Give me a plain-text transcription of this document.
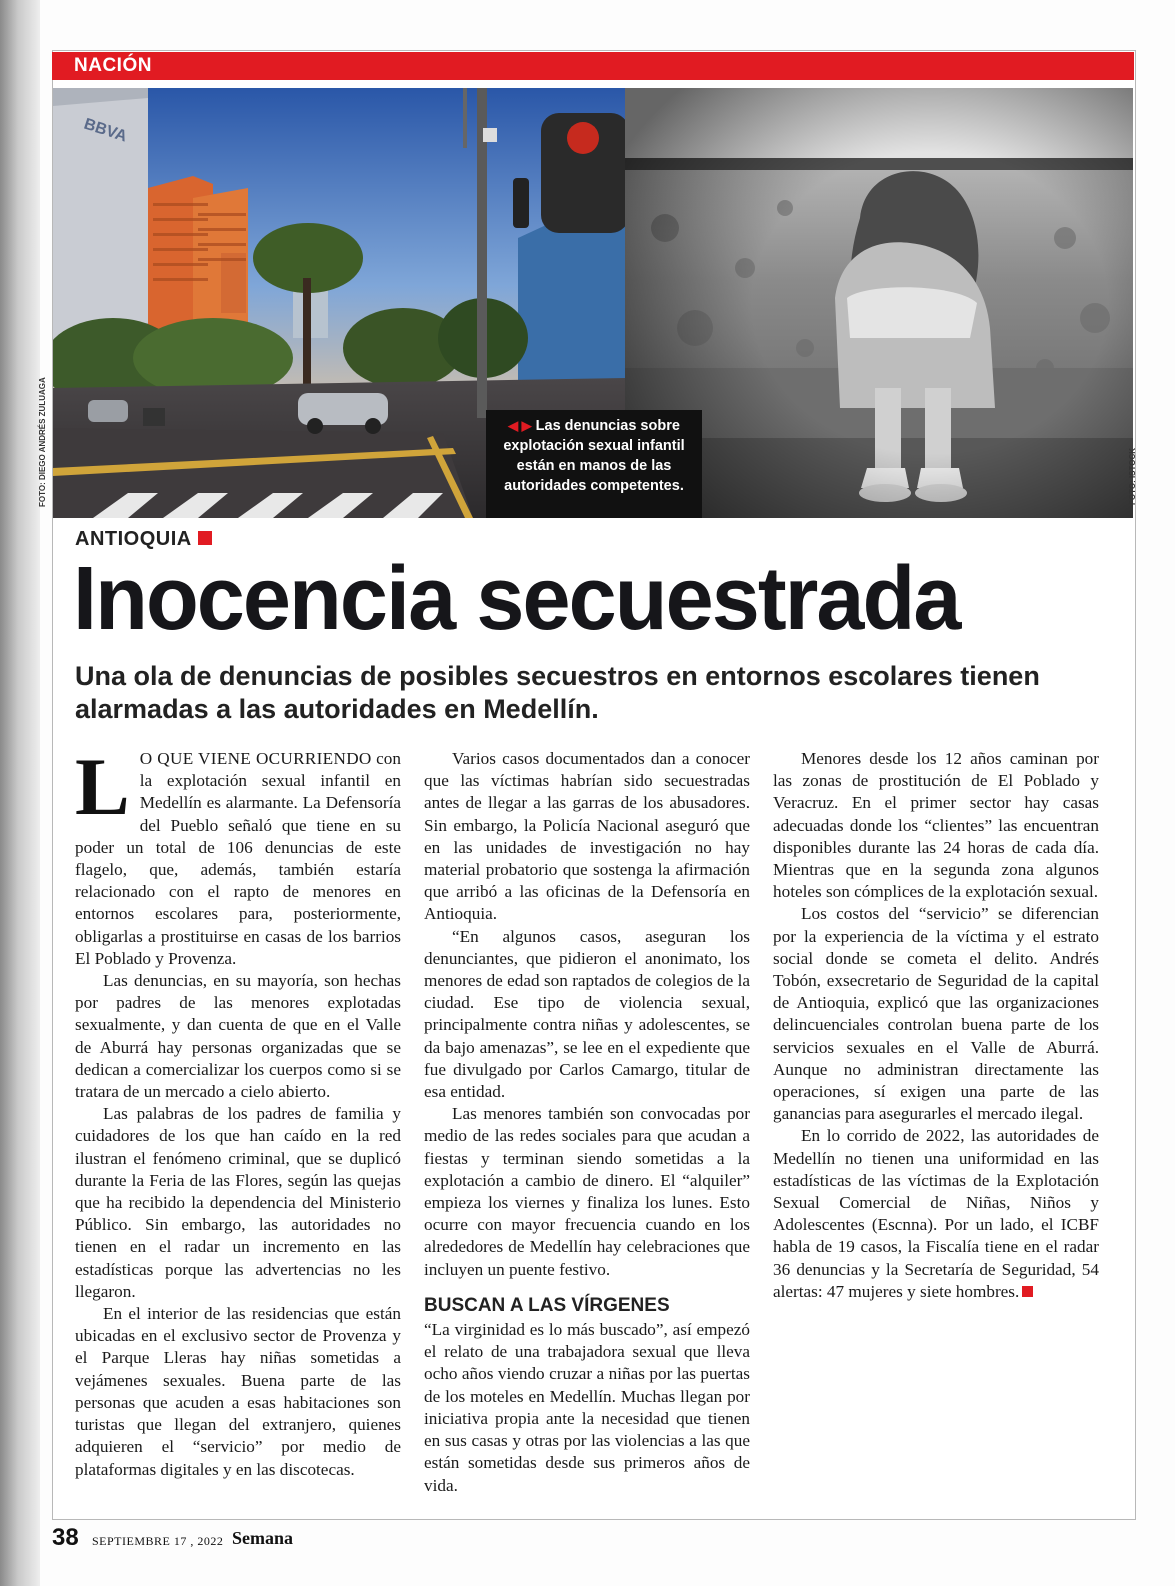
NACIÓN
BBVA
◀ ▶ Las denuncias sobre explotación sexual infantil están en manos de las autoridades competentes.
FOTO: DIEGO ANDRÉS ZULUAGA	FOTO: ISTOCK
ANTIOQUIA
Inocencia secuestrada
Una ola de denuncias de posibles secuestros en entornos escolares tienen alarmadas a las autoridades en Medellín.

L O QUE VIENE OCURRIENDO con la explotación sexual infantil en Medellín es alarmante. La Defensoría del Pueblo señaló que tiene en su poder un total de 106 denuncias de este flagelo, que, además, también estaría relacionado con el rapto de menores en entornos escolares para, posteriormente, obligarlas a prostituirse en casas de los barrios El Poblado y Provenza.

Las denuncias, en su mayoría, son hechas por padres de las menores explotadas sexualmente, y dan cuenta de que en el Valle de Aburrá hay personas organizadas que se dedican a comercializar los cuerpos como si se tratara de un mercado a cielo abierto.

Las palabras de los padres de familia y cuidadores de los que han caído en la red ilustran el fenómeno criminal, que se duplicó durante la Feria de las Flores, según las quejas que ha recibido la dependencia del Ministerio Público. Sin embargo, las autoridades no tienen en el radar un incremento en las estadísticas porque las advertencias no les llegaron.

En el interior de las residencias que están ubicadas en el exclusivo sector de Provenza y el Parque Lleras hay niñas sometidas a vejámenes sexuales. Buena parte de las personas que acuden a esas habitaciones son turistas que llegan del extranjero, quienes adquieren el “servicio” por medio de plataformas digitales y en las discotecas.

Varios casos documentados dan a conocer que las víctimas habrían sido secuestradas antes de llegar a las garras de los abusadores. Sin embargo, la Policía Nacional aseguró que en las unidades de investigación no hay material probatorio que sostenga la afirmación que arribó a las oficinas de la Defensoría en Antioquia.

“En algunos casos, aseguran los denunciantes, que pidieron el anonimato, los menores de edad son raptados de colegios de la ciudad. Ese tipo de violencia sexual, principalmente contra niñas y adolescentes, se da bajo amenazas”, se lee en el expediente que fue divulgado por Carlos Camargo, titular de esa entidad.

Las menores también son convocadas por medio de las redes sociales para que acudan a fiestas y terminan siendo sometidas a la explotación a cambio de dinero. El “alquiler” empieza los viernes y finaliza los lunes. Esto ocurre con mayor frecuencia cuando en los alrededores de Medellín hay celebraciones que incluyen un puente festivo.

BUSCAN A LAS VÍRGENES

“La virginidad es lo más buscado”, así empezó el relato de una trabajadora sexual que lleva ocho años viendo cruzar a niñas por las puertas de los moteles en Medellín. Muchas llegan por iniciativa propia ante la necesidad que tienen en sus casas y otras por las violencias a las que están sometidas desde sus primeros años de vida.

Menores desde los 12 años caminan por las zonas de prostitución de El Poblado y Veracruz. En el primer sector hay casas adecuadas donde los “clientes” las encuentran disponibles durante las 24 horas de cada día. Mientras que en la segunda zona algunos hoteles son cómplices de la explotación sexual.

Los costos del “servicio” se diferencian por la experiencia de la víctima y el estrato social donde se cometa el delito. Andrés Tobón, exsecretario de Seguridad de la capital de Antioquia, explicó que las organizaciones delincuenciales controlan buena parte de los servicios sexuales en el Valle de Aburrá. Aunque no administran directamente las operaciones, sí exigen una parte de las ganancias para asegurarles el mercado ilegal.

En lo corrido de 2022, las autoridades de Medellín no tienen una uniformidad en las estadísticas de las víctimas de la Explotación Sexual Comercial de Niñas, Niños y Adolescentes (Escnna). Por un lado, el ICBF habla de 19 casos, la Fiscalía tiene en el radar 36 denuncias y la Secretaría de Seguridad, 54 alertas: 47 mujeres y siete hombres.

38 SEPTIEMBRE 17 , 2022 Semana
